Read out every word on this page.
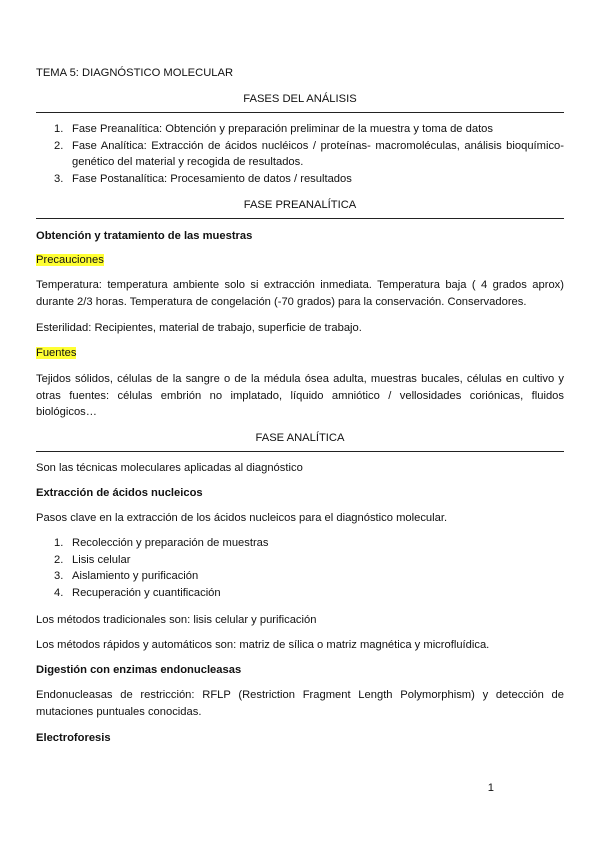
TEMA 5: DIAGNÓSTICO MOLECULAR
FASES DEL ANÁLISIS
1. Fase Preanalítica: Obtención y preparación preliminar de la muestra y toma de datos
2. Fase Analítica: Extracción de ácidos nucléicos / proteínas- macromoléculas, análisis bioquímico-genético del material y recogida de resultados.
3. Fase Postanalítica: Procesamiento de datos / resultados
FASE PREANALÍTICA
Obtención y tratamiento de las muestras
Precauciones
Temperatura: temperatura ambiente solo si extracción inmediata. Temperatura baja ( 4 grados aprox) durante 2/3 horas. Temperatura de congelación (-70 grados) para la conservación. Conservadores.
Esterilidad: Recipientes, material de trabajo, superficie de trabajo.
Fuentes
Tejidos sólidos, células de la sangre o de la médula ósea adulta, muestras bucales, células en cultivo y otras fuentes: células embrión no implatado, líquido amniótico / vellosidades coriónicas, fluidos biológicos…
FASE ANALÍTICA
Son las técnicas moleculares aplicadas al diagnóstico
Extracción de ácidos nucleicos
Pasos clave en la extracción de los ácidos nucleicos para el diagnóstico molecular.
1. Recolección y preparación de muestras
2. Lisis celular
3. Aislamiento y purificación
4. Recuperación y cuantificación
Los métodos tradicionales son: lisis celular y purificación
Los métodos rápidos y automáticos son: matriz de sílica o matriz magnética y microfluídica.
Digestión con enzimas endonucleasas
Endonucleasas de restricción: RFLP (Restriction Fragment Length Polymorphism) y detección de mutaciones puntuales conocidas.
Electroforesis
1
